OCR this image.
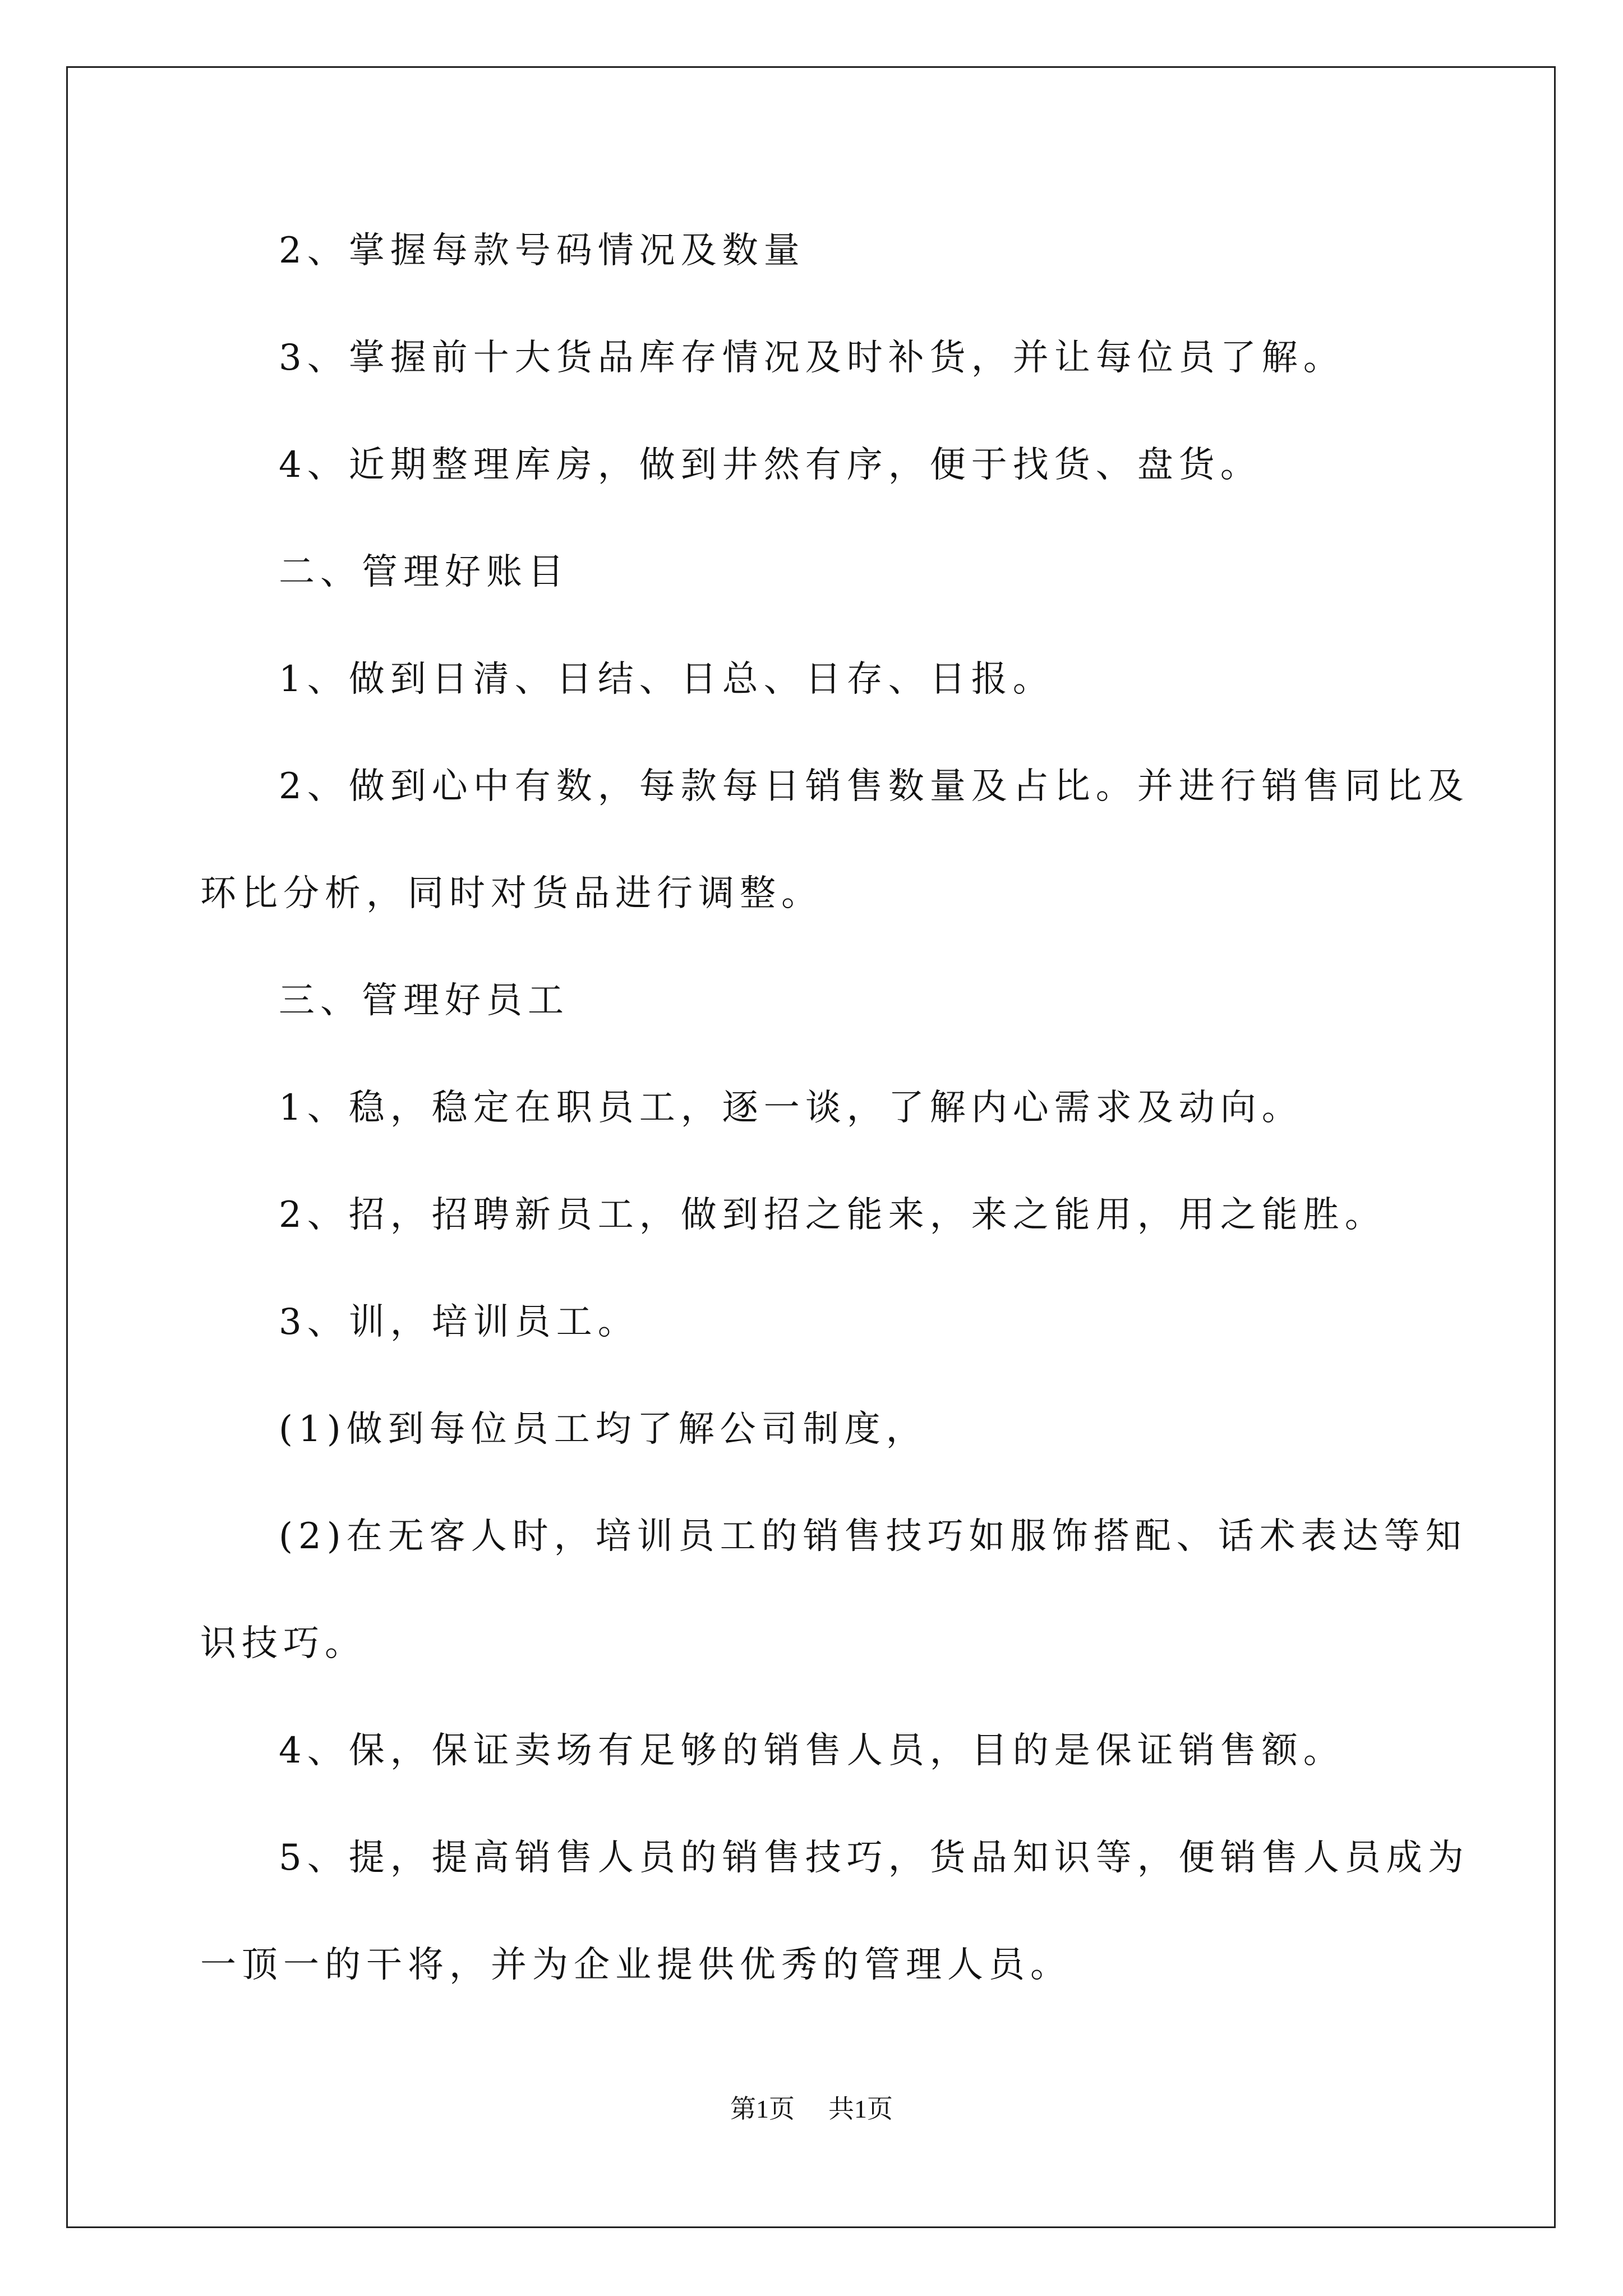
2、掌握每款号码情况及数量
3、掌握前十大货品库存情况及时补货，并让每位员了解。
4、近期整理库房，做到井然有序，便于找货、盘货。
二、管理好账目
1、做到日清、日结、日总、日存、日报。
2、做到心中有数，每款每日销售数量及占比。并进行销售同比及
环比分析，同时对货品进行调整。
三、管理好员工
1、稳，稳定在职员工，逐一谈，了解内心需求及动向。
2、招，招聘新员工，做到招之能来，来之能用，用之能胜。
3、训，培训员工。
(1)做到每位员工均了解公司制度，
(2)在无客人时，培训员工的销售技巧如服饰搭配、话术表达等知
识技巧。
4、保，保证卖场有足够的销售人员，目的是保证销售额。
5、提，提高销售人员的销售技巧，货品知识等，便销售人员成为
一顶一的干将，并为企业提供优秀的管理人员。
第1页 共1页
